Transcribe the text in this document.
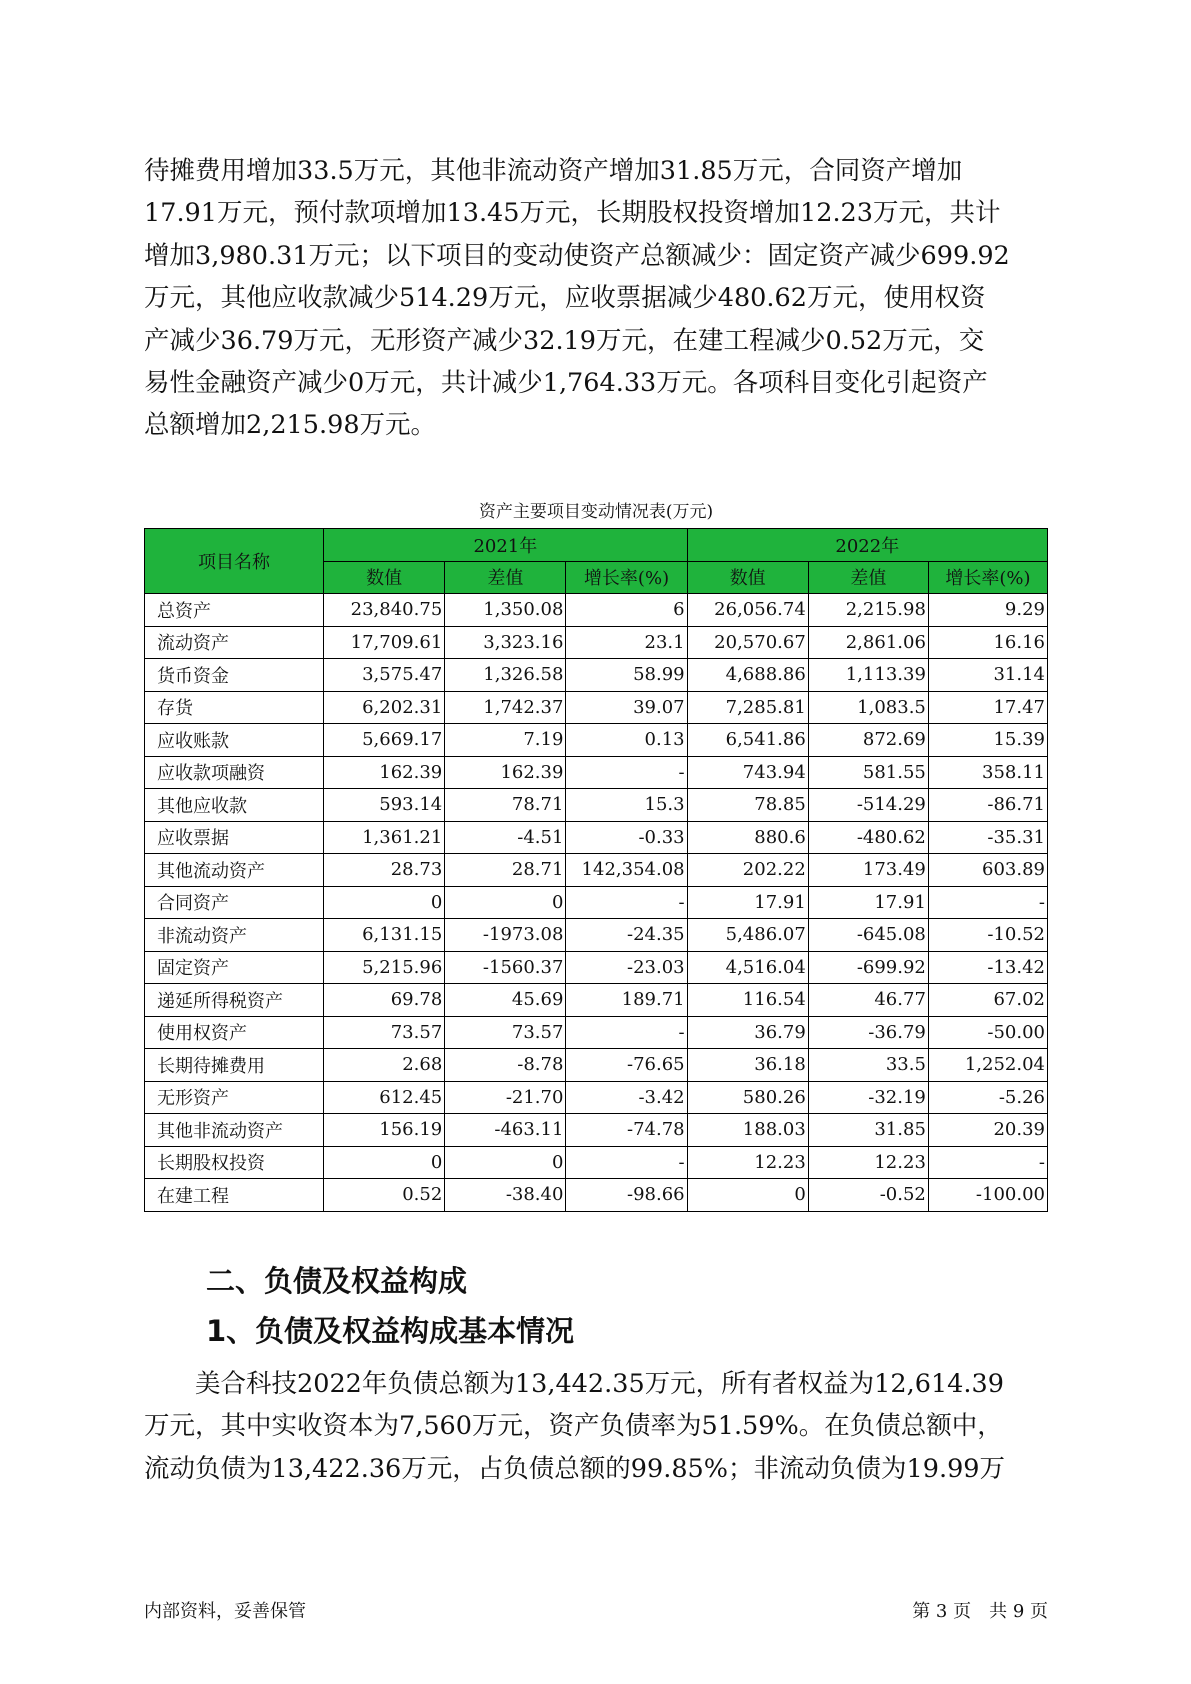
待摊费用增加33.5万元，其他非流动资产增加31.85万元，合同资产增加
17.91万元，预付款项增加13.45万元，长期股权投资增加12.23万元，共计
增加3,980.31万元；以下项目的变动使资产总额减少：固定资产减少699.92
万元，其他应收款减少514.29万元，应收票据减少480.62万元，使用权资
产减少36.79万元，无形资产减少32.19万元，在建工程减少0.52万元，交
易性金融资产减少0万元，共计减少1,764.33万元。各项科目变化引起资产
总额增加2,215.98万元。

资产主要项目变动情况表(万元)
项目名称	2021年			2022年		
	数值	差值	增长率(%)	数值	差值	增长率(%)
总资产	23,840.75	1,350.08	6	26,056.74	2,215.98	9.29
流动资产	17,709.61	3,323.16	23.1	20,570.67	2,861.06	16.16
货币资金	3,575.47	1,326.58	58.99	4,688.86	1,113.39	31.14
存货	6,202.31	1,742.37	39.07	7,285.81	1,083.5	17.47
应收账款	5,669.17	7.19	0.13	6,541.86	872.69	15.39
应收款项融资	162.39	162.39	-	743.94	581.55	358.11
其他应收款	593.14	78.71	15.3	78.85	-514.29	-86.71
应收票据	1,361.21	-4.51	-0.33	880.6	-480.62	-35.31
其他流动资产	28.73	28.71	142,354.08	202.22	173.49	603.89
合同资产	0	0	-	17.91	17.91	-
非流动资产	6,131.15	-1973.08	-24.35	5,486.07	-645.08	-10.52
固定资产	5,215.96	-1560.37	-23.03	4,516.04	-699.92	-13.42
递延所得税资产	69.78	45.69	189.71	116.54	46.77	67.02
使用权资产	73.57	73.57	-	36.79	-36.79	-50.00
长期待摊费用	2.68	-8.78	-76.65	36.18	33.5	1,252.04
无形资产	612.45	-21.70	-3.42	580.26	-32.19	-5.26
其他非流动资产	156.19	-463.11	-74.78	188.03	31.85	20.39
长期股权投资	0	0	-	12.23	12.23	-
在建工程	0.52	-38.40	-98.66	0	-0.52	-100.00
二、负债及权益构成
1、负债及权益构成基本情况

　　美合科技2022年负债总额为13,442.35万元，所有者权益为12,614.39
万元，其中实收资本为7,560万元，资产负债率为51.59%。在负债总额中，
流动负债为13,422.36万元，占负债总额的99.85%；非流动负债为19.99万

内部资料，妥善保管	第 3 页　共 9 页
